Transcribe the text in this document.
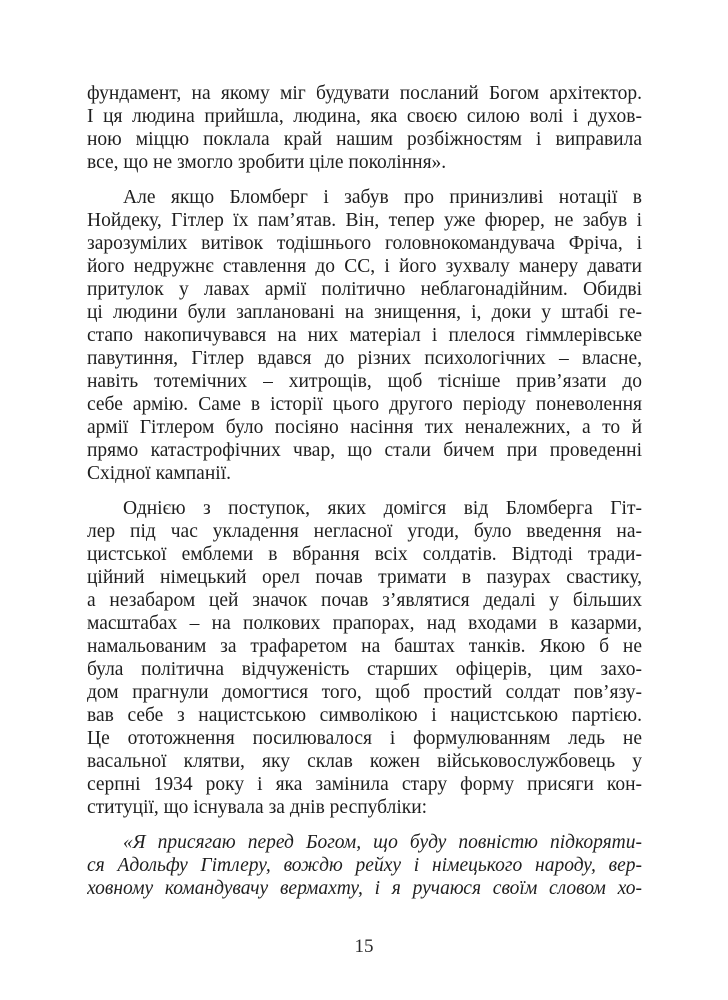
фундамент, на якому міг будувати посланий Богом архітектор.
І ця людина прийшла, людина, яка своєю силою волі і духов-
ною міццю поклала край нашим розбіжностям і виправила
все, що не змогло зробити ціле покоління».
Але якщо Бломберг і забув про принизливі нотації в
Нойдеку, Гітлер їх пам’ятав. Він, тепер уже фюрер, не забув і
зарозумілих витівок тодішнього головнокомандувача Фріча, і
його недружнє ставлення до СС, і його зухвалу манеру давати
притулок у лавах армії політично неблагонадійним. Обидві
ці людини були заплановані на знищення, і, доки у штабі ге-
стапо накопичувався на них матеріал і плелося гіммлерівське
павутиння, Гітлер вдався до різних психологічних – власне,
навіть тотемічних – хитрощів, щоб тісніше прив’язати до
себе армію. Саме в історії цього другого періоду поневолення
армії Гітлером було посіяно насіння тих неналежних, а то й
прямо катастрофічних чвар, що стали бичем при проведенні
Східної кампанії.
Однією з поступок, яких домігся від Бломберга Гіт-
лер під час укладення негласної угоди, було введення на-
цистської емблеми в вбрання всіх солдатів. Відтоді тради-
ційний німецький орел почав тримати в пазурах свастику,
а незабаром цей значок почав з’являтися дедалі у більших
масштабах – на полкових прапорах, над входами в казарми,
намальованим за трафаретом на баштах танків. Якою б не
була політична відчуженість старших офіцерів, цим захо-
дом прагнули домогтися того, щоб простий солдат пов’язу-
вав себе з нацистською символікою і нацистською партією.
Це ототожнення посилювалося і формулюванням ледь не
васальної клятви, яку склав кожен військовослужбовець у
серпні 1934 року і яка замінила стару форму присяги кон-
ституції, що існувала за днів республіки:
«Я присягаю перед Богом, що буду повністю підкоряти-
ся Адольфу Гітлеру, вождю рейху і німецького народу, вер-
ховному командувачу вермахту, і я ручаюся своїм словом хо-
15
